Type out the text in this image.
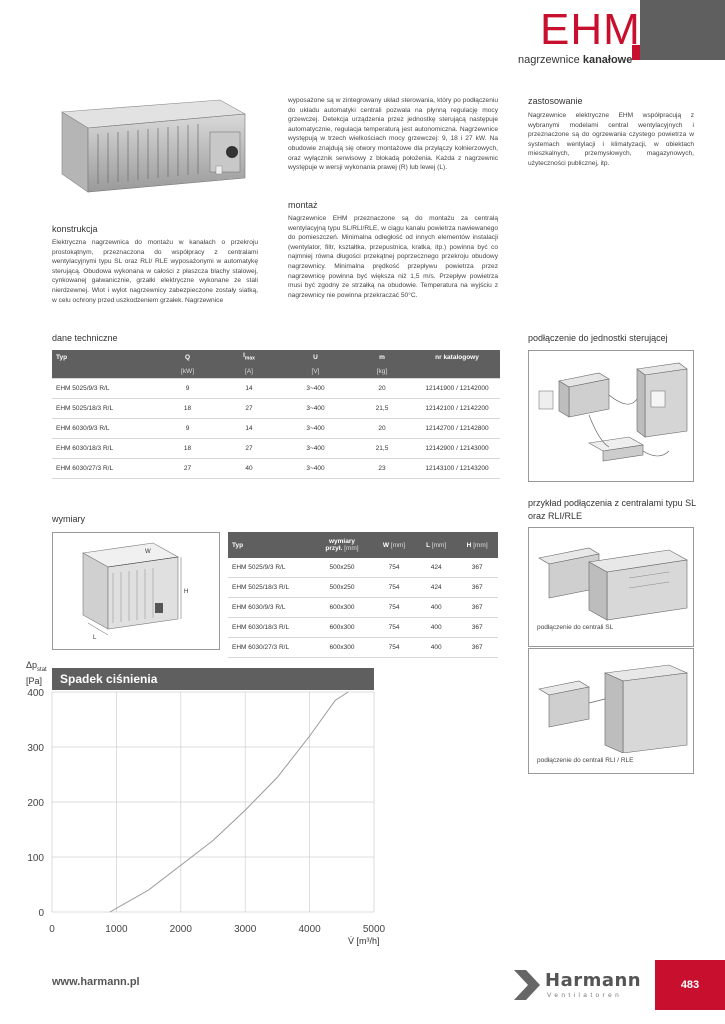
EHM
nagrzewnice kanałowe
wyposażone są w zintegrowany układ sterowania, który po podłączeniu do układu automatyki centrali pozwala na płynną regulację mocy grzewczej. Detekcja urządzenia przez jednostkę sterującą następuje automatycznie, regulacja temperaturą jest autonomiczna. Nagrzewnice występują w trzech wielkościach mocy grzewczej: 9, 18 i 27 kW. Na obudowie znajdują się otwory montażowe dla przyłączy kołnierzowych, oraz wyłącznik serwisowy z blokadą położenia. Każda z nagrzewnic występuje w wersji wykonania prawej (R) lub lewej (L).
zastosowanie
Nagrzewnice elektryczne EHM współpracują z wybranymi modelami central wentylacyjnych i przeznaczone są do ogrzewania czystego powietrza w systemach wentylacji i klimatyzacji, w obiektach mieszkalnych, przemysłowych, magazynowych, użyteczności publicznej, itp.
montaż
Nagrzewnice EHM przeznaczone są do montażu za centralą wentylacyjną typu SL/RLI/RLE, w ciągu kanału powietrza nawiewanego do pomieszczeń. Minimalna odległość od innych elementów instalacji (wentylator, filtr, kształtka, przepustnica, kratka, itp.) powinna być co najmniej równa długości przekątnej poprzecznego przekroju obudowy nagrzewnicy. Minimalna prędkość przepływu powietrza przez nagrzewnicę powinna być większa niż 1,5 m/s. Przepływ powietrza musi być zgodny ze strzałką na obudowie. Temperatura na wyjściu z nagrzewnicy nie powinna przekraczać 50°C.
konstrukcja
Elektryczna nagrzewnica do montażu w kanałach o przekroju prostokątnym, przeznaczona do współpracy z centralami wentylacyjnymi typu SL oraz RLI/ RLE wyposażonymi w automatykę sterującą. Obudowa wykonana w całości z płaszcza blachy stalowej, cynkowanej galwanicznie, grzałki elektryczne wykonane ze stali nierdzewnej. Wlot i wylot nagrzewnicy zabezpieczone zostały siatką, w celu ochrony przed uszkodzeniem grzałek. Nagrzewnice
dane techniczne
Typ	Q	$I_{max}$	U	m	nr katalogowy
	[kW]	[A]	[V]	[kg]	
EHM 5025/9/3 R/L	9	14	3~400	20	12141900 / 12142000
EHM 5025/18/3 R/L	18	27	3~400	21,5	12142100 / 12142200
EHM 6030/9/3 R/L	9	14	3~400	20	12142700 / 12142800
EHM 6030/18/3 R/L	18	27	3~400	21,5	12142900 / 12143000
EHM 6030/27/3 R/L	27	40	3~400	23	12143100 / 12143200
podłączenie do jednostki sterującej
przykład podłączenia z centralami typu SL
oraz RLI/RLE
podłączenie do centrali SL
podłączenie do centrali RLI / RLE
wymiary
W
H
L
Typ	wymiary
przył. [mm]	W [mm]	L [mm]	H [mm]
EHM 5025/9/3 R/L	500x250	754	424	367
EHM 5025/18/3 R/L	500x250	754	424	367
EHM 6030/9/3 R/L	600x300	754	400	367
EHM 6030/18/3 R/L	600x300	754	400	367
EHM 6030/27/3 R/L	600x300	754	400	367
$\Delta p_{stat}$
[Pa]	Spadek ciśnienia
0	1000	2000	3000	4000	5000
0
100
200
300
400
V̇ [m³/h]
www.harmann.pl	Harmann
Ventilatoren
483
